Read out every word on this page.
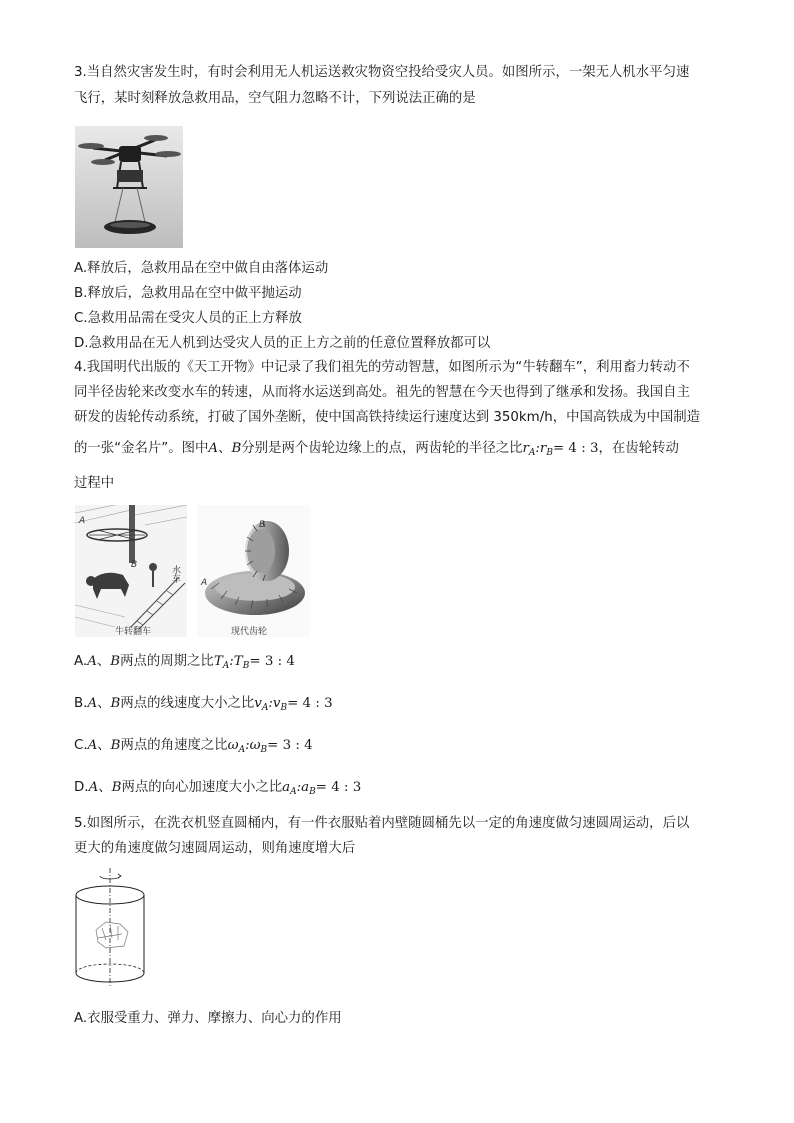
3.当自然灾害发生时，有时会利用无人机运送救灾物资空投给受灾人员。如图所示，一架无人机水平匀速
飞行，某时刻释放急救用品，空气阻力忽略不计，下列说法正确的是
A.释放后，急救用品在空中做自由落体运动
B.释放后，急救用品在空中做平抛运动
C.急救用品需在受灾人员的正上方释放
D.急救用品在无人机到达受灾人员的正上方之前的任意位置释放都可以
4.我国明代出版的《天工开物》中记录了我们祖先的劳动智慧，如图所示为“牛转翻车”，利用畜力转动不
同半径齿轮来改变水车的转速，从而将水运送到高处。祖先的智慧在今天也得到了继承和发扬。我国自主
研发的齿轮传动系统，打破了国外垄断，使中国高铁持续运行速度达到 350km/h，中国高铁成为中国制造
的一张“金名片”。图中A、B分别是两个齿轮边缘上的点，两齿轮的半径之比$r_A:r_B= 4$ : 3，在齿轮转动
过程中
A
B	水车
牛转翻车
B
A
现代齿轮
A.A、B两点的周期之比$T_A:T_B= 3$ : 4
B.A、B两点的线速度大小之比$v_A:v_B= 4$ : 3
C.A、B两点的角速度之比$\omega_A:\omega_B= 3$ : 4
D.A、B两点的向心加速度大小之比$a_A:a_B= 4$ : 3
5.如图所示，在洗衣机竖直圆桶内，有一件衣服贴着内壁随圆桶先以一定的角速度做匀速圆周运动，后以
更大的角速度做匀速圆周运动，则角速度增大后
A.衣服受重力、弹力、摩擦力、向心力的作用
